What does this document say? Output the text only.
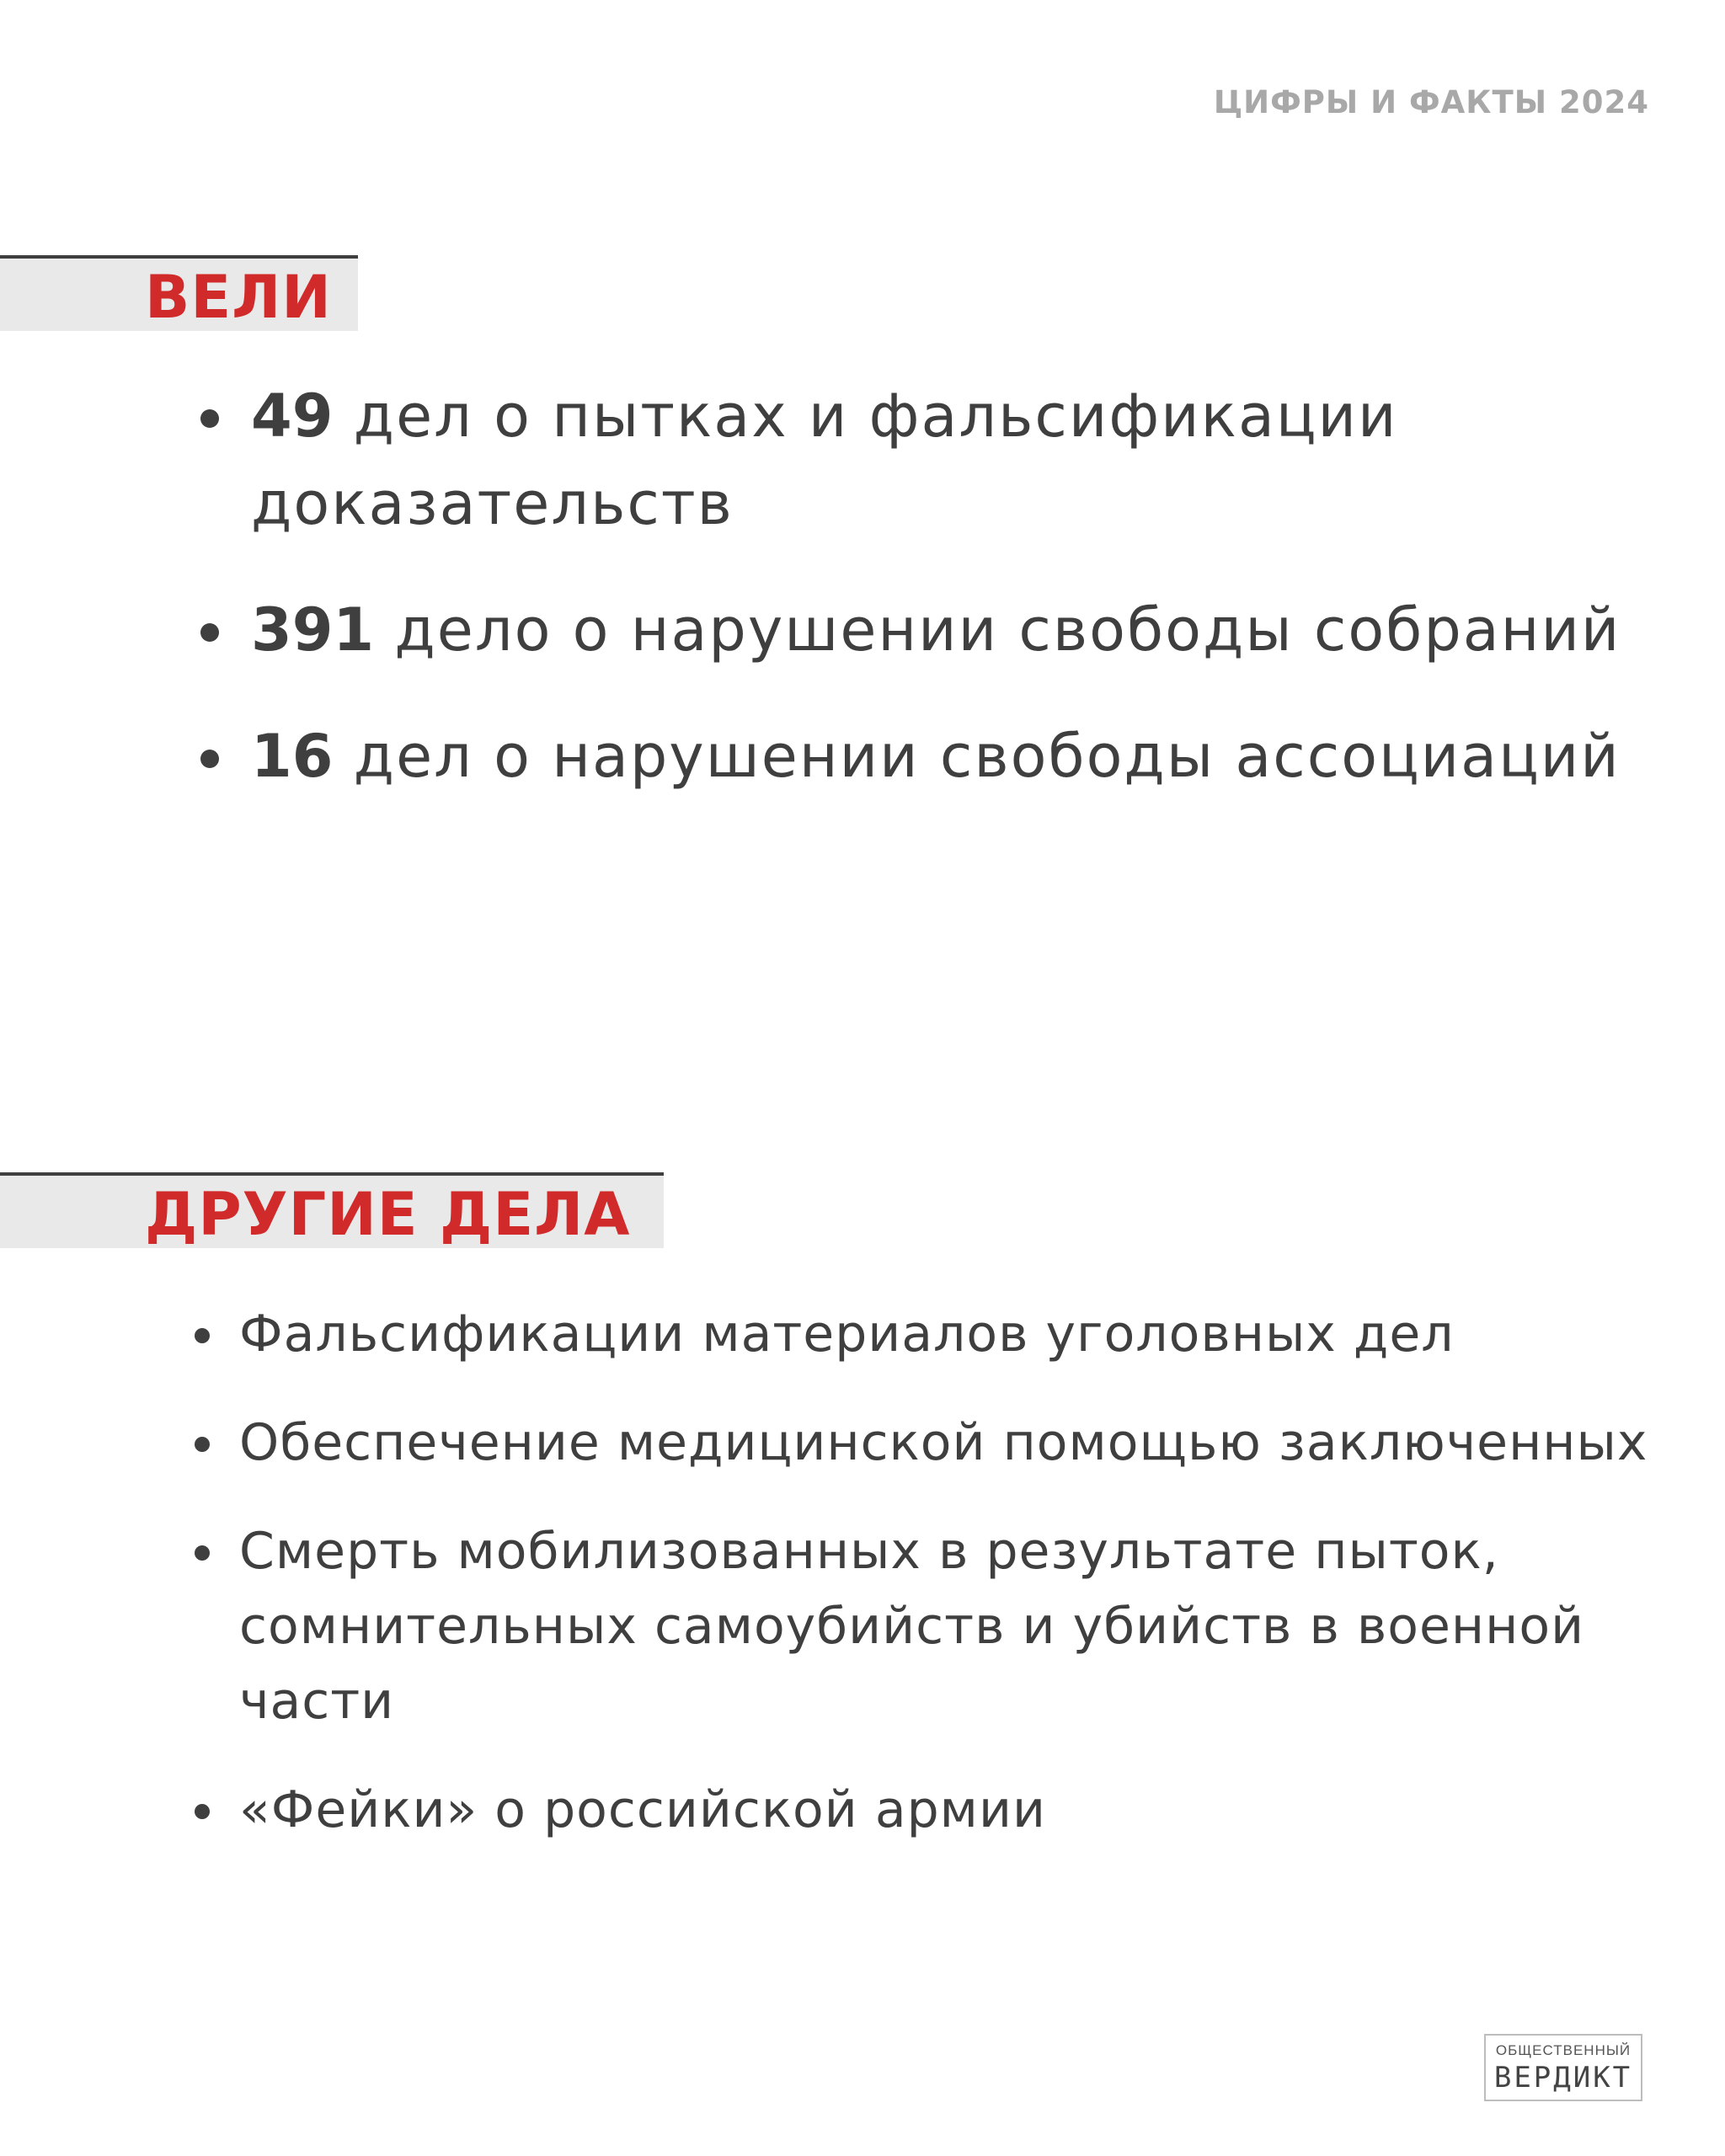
ЦИФРЫ И ФАКТЫ 2024
ВЕЛИ
49 дел о пытках и фальсификации доказательств
391 дело о нарушении свободы собраний
16 дел о нарушении свободы ассоциаций
ДРУГИЕ ДЕЛА
Фальсификации материалов уголовных дел
Обеспечение медицинской помощью заключенных
Смерть мобилизованных в результате пыток, сомнительных самоубийств и убийств в военной части
«Фейки» о российской армии
ОБЩЕСТВЕННЫЙ
ВЕРДИКТ
